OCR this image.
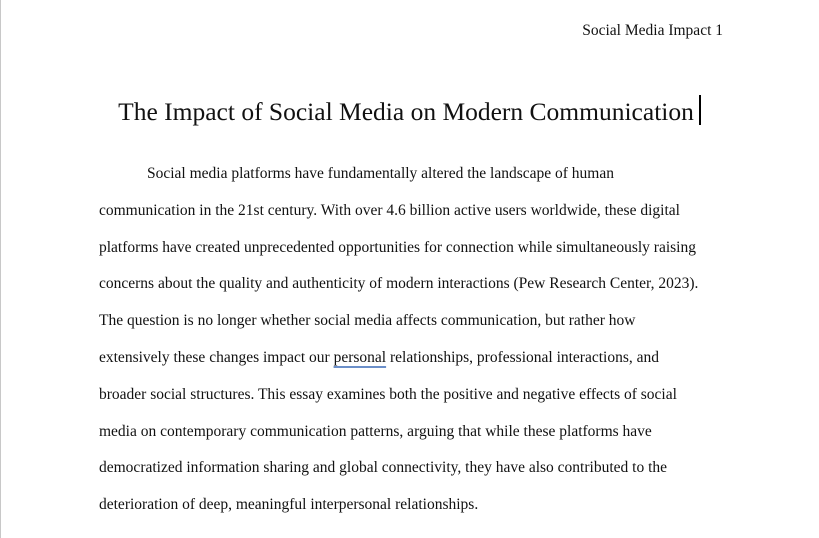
Social Media Impact 1
The Impact of Social Media on Modern Communication
Social media platforms have fundamentally altered the landscape of human
communication in the 21st century. With over 4.6 billion active users worldwide, these digital
platforms have created unprecedented opportunities for connection while simultaneously raising
concerns about the quality and authenticity of modern interactions (Pew Research Center, 2023).
The question is no longer whether social media affects communication, but rather how
extensively these changes impact our personal relationships, professional interactions, and
broader social structures. This essay examines both the positive and negative effects of social
media on contemporary communication patterns, arguing that while these platforms have
democratized information sharing and global connectivity, they have also contributed to the
deterioration of deep, meaningful interpersonal relationships.
